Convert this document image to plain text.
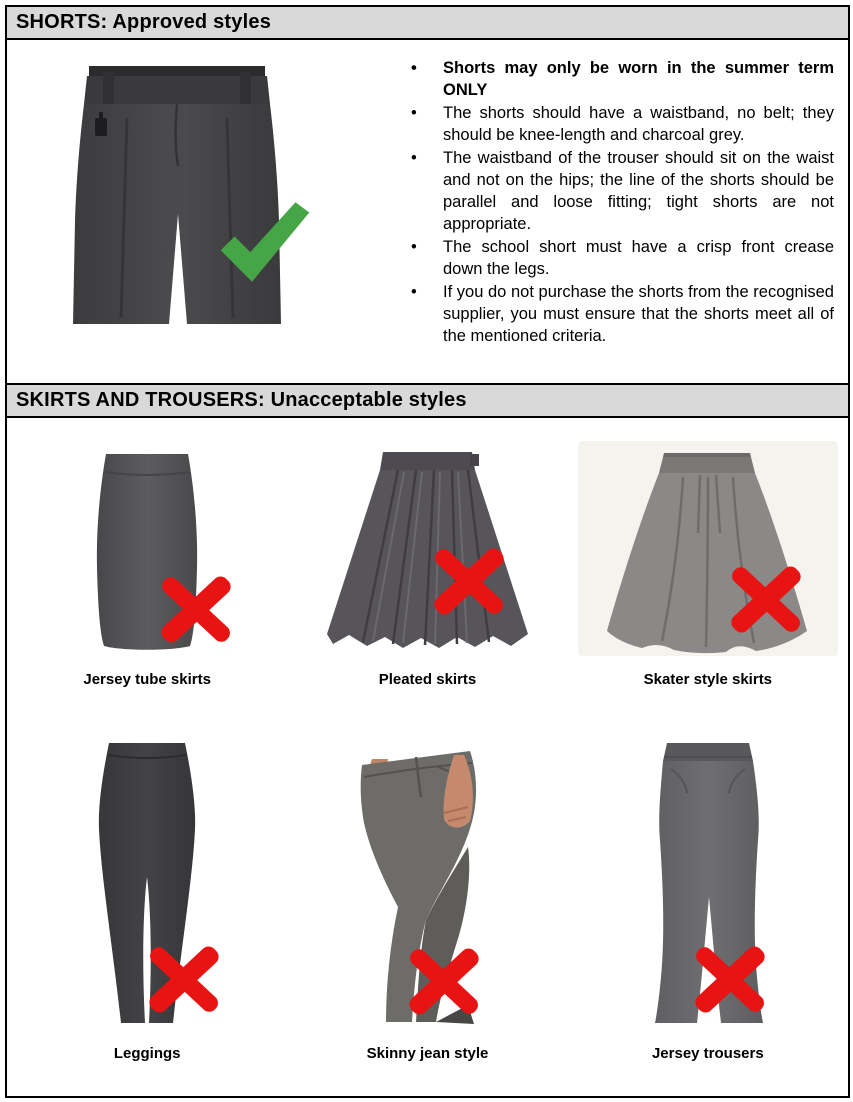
SHORTS: Approved styles
•	Shorts may only be worn in the summer term ONLY
•	The shorts should have a waistband, no belt; they should be knee-length and charcoal grey.
•	The waistband of the trouser should sit on the waist and not on the hips; the line of the shorts should be parallel and loose fitting; tight shorts are not appropriate.
•	The school short must have a crisp front crease down the legs.
•	If you do not purchase the shorts from the recognised supplier, you must ensure that the shorts meet all of the mentioned criteria.
SKIRTS AND TROUSERS: Unacceptable styles
Jersey tube skirts	Pleated skirts	Skater style skirts
Leggings	Skinny jean style	Jersey trousers
